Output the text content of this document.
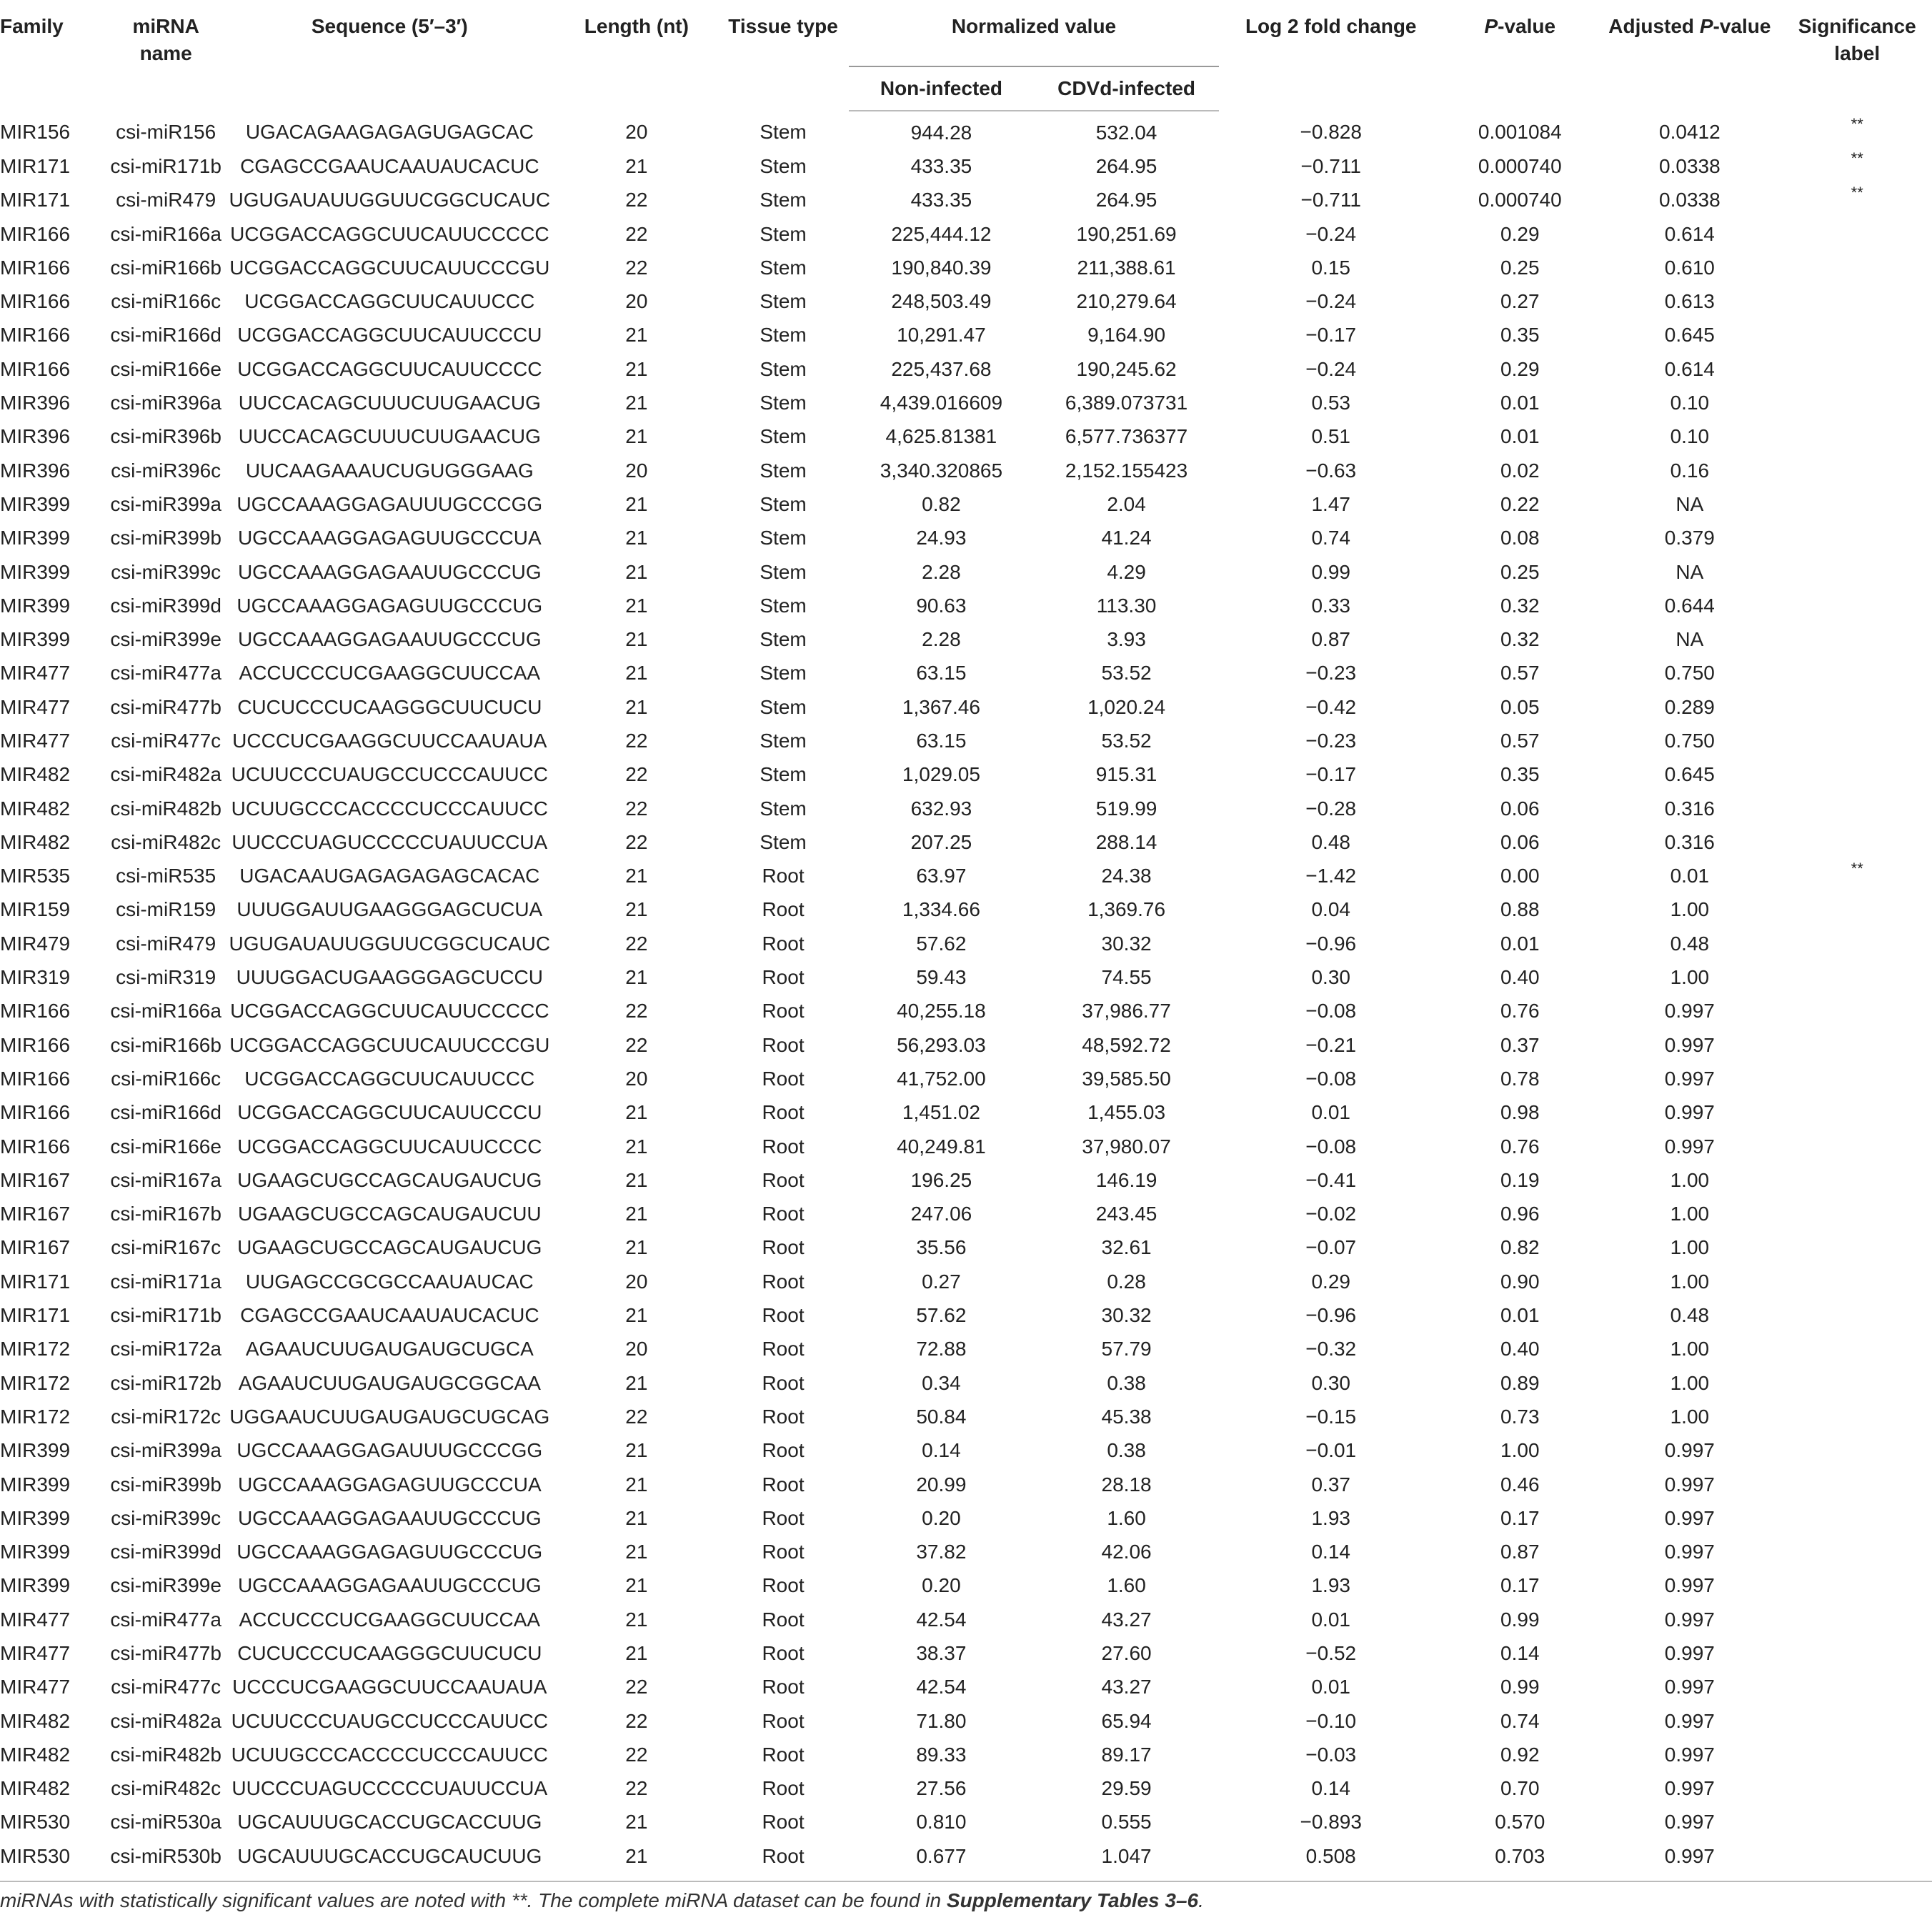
Family	miRNA name	Sequence (5′–3′)	Length (nt)	Tissue type	Normalized value		Log 2 fold change	P-value	Adjusted P-value	Significance label
					Non-infected	CDVd-infected				
MIR156	csi-miR156	UGACAGAAGAGAGUGAGCAC	20	Stem	944.28	532.04	−0.828	0.001084	0.0412	**
MIR171	csi-miR171b	CGAGCCGAAUCAAUAUCACUC	21	Stem	433.35	264.95	−0.711	0.000740	0.0338	**
MIR171	csi-miR479	UGUGAUAUUGGUUCGGCUCAUC	22	Stem	433.35	264.95	−0.711	0.000740	0.0338	**
MIR166	csi-miR166a	UCGGACCAGGCUUCAUUCCCCC	22	Stem	225,444.12	190,251.69	−0.24	0.29	0.614	
MIR166	csi-miR166b	UCGGACCAGGCUUCAUUCCCGU	22	Stem	190,840.39	211,388.61	0.15	0.25	0.610	
MIR166	csi-miR166c	UCGGACCAGGCUUCAUUCCC	20	Stem	248,503.49	210,279.64	−0.24	0.27	0.613	
MIR166	csi-miR166d	UCGGACCAGGCUUCAUUCCCU	21	Stem	10,291.47	9,164.90	−0.17	0.35	0.645	
MIR166	csi-miR166e	UCGGACCAGGCUUCAUUCCCC	21	Stem	225,437.68	190,245.62	−0.24	0.29	0.614	
MIR396	csi-miR396a	UUCCACAGCUUUCUUGAACUG	21	Stem	4,439.016609	6,389.073731	0.53	0.01	0.10	
MIR396	csi-miR396b	UUCCACAGCUUUCUUGAACUG	21	Stem	4,625.81381	6,577.736377	0.51	0.01	0.10	
MIR396	csi-miR396c	UUCAAGAAAUCUGUGGGAAG	20	Stem	3,340.320865	2,152.155423	−0.63	0.02	0.16	
MIR399	csi-miR399a	UGCCAAAGGAGAUUUGCCCGG	21	Stem	0.82	2.04	1.47	0.22	NA	
MIR399	csi-miR399b	UGCCAAAGGAGAGUUGCCCUA	21	Stem	24.93	41.24	0.74	0.08	0.379	
MIR399	csi-miR399c	UGCCAAAGGAGAAUUGCCCUG	21	Stem	2.28	4.29	0.99	0.25	NA	
MIR399	csi-miR399d	UGCCAAAGGAGAGUUGCCCUG	21	Stem	90.63	113.30	0.33	0.32	0.644	
MIR399	csi-miR399e	UGCCAAAGGAGAAUUGCCCUG	21	Stem	2.28	3.93	0.87	0.32	NA	
MIR477	csi-miR477a	ACCUCCCUCGAAGGCUUCCAA	21	Stem	63.15	53.52	−0.23	0.57	0.750	
MIR477	csi-miR477b	CUCUCCCUCAAGGGCUUCUCU	21	Stem	1,367.46	1,020.24	−0.42	0.05	0.289	
MIR477	csi-miR477c	UCCCUCGAAGGCUUCCAAUAUA	22	Stem	63.15	53.52	−0.23	0.57	0.750	
MIR482	csi-miR482a	UCUUCCCUAUGCCUCCCAUUCC	22	Stem	1,029.05	915.31	−0.17	0.35	0.645	
MIR482	csi-miR482b	UCUUGCCCACCCCUCCCAUUCC	22	Stem	632.93	519.99	−0.28	0.06	0.316	
MIR482	csi-miR482c	UUCCCUAGUCCCCCUAUUCCUA	22	Stem	207.25	288.14	0.48	0.06	0.316	
MIR535	csi-miR535	UGACAAUGAGAGAGAGCACAC	21	Root	63.97	24.38	−1.42	0.00	0.01	**
MIR159	csi-miR159	UUUGGAUUGAAGGGAGCUCUA	21	Root	1,334.66	1,369.76	0.04	0.88	1.00	
MIR479	csi-miR479	UGUGAUAUUGGUUCGGCUCAUC	22	Root	57.62	30.32	−0.96	0.01	0.48	
MIR319	csi-miR319	UUUGGACUGAAGGGAGCUCCU	21	Root	59.43	74.55	0.30	0.40	1.00	
MIR166	csi-miR166a	UCGGACCAGGCUUCAUUCCCCC	22	Root	40,255.18	37,986.77	−0.08	0.76	0.997	
MIR166	csi-miR166b	UCGGACCAGGCUUCAUUCCCGU	22	Root	56,293.03	48,592.72	−0.21	0.37	0.997	
MIR166	csi-miR166c	UCGGACCAGGCUUCAUUCCC	20	Root	41,752.00	39,585.50	−0.08	0.78	0.997	
MIR166	csi-miR166d	UCGGACCAGGCUUCAUUCCCU	21	Root	1,451.02	1,455.03	0.01	0.98	0.997	
MIR166	csi-miR166e	UCGGACCAGGCUUCAUUCCCC	21	Root	40,249.81	37,980.07	−0.08	0.76	0.997	
MIR167	csi-miR167a	UGAAGCUGCCAGCAUGAUCUG	21	Root	196.25	146.19	−0.41	0.19	1.00	
MIR167	csi-miR167b	UGAAGCUGCCAGCAUGAUCUU	21	Root	247.06	243.45	−0.02	0.96	1.00	
MIR167	csi-miR167c	UGAAGCUGCCAGCAUGAUCUG	21	Root	35.56	32.61	−0.07	0.82	1.00	
MIR171	csi-miR171a	UUGAGCCGCGCCAAUAUCAC	20	Root	0.27	0.28	0.29	0.90	1.00	
MIR171	csi-miR171b	CGAGCCGAAUCAAUAUCACUC	21	Root	57.62	30.32	−0.96	0.01	0.48	
MIR172	csi-miR172a	AGAAUCUUGAUGAUGCUGCA	20	Root	72.88	57.79	−0.32	0.40	1.00	
MIR172	csi-miR172b	AGAAUCUUGAUGAUGCGGCAA	21	Root	0.34	0.38	0.30	0.89	1.00	
MIR172	csi-miR172c	UGGAAUCUUGAUGAUGCUGCAG	22	Root	50.84	45.38	−0.15	0.73	1.00	
MIR399	csi-miR399a	UGCCAAAGGAGAUUUGCCCGG	21	Root	0.14	0.38	−0.01	1.00	0.997	
MIR399	csi-miR399b	UGCCAAAGGAGAGUUGCCCUA	21	Root	20.99	28.18	0.37	0.46	0.997	
MIR399	csi-miR399c	UGCCAAAGGAGAAUUGCCCUG	21	Root	0.20	1.60	1.93	0.17	0.997	
MIR399	csi-miR399d	UGCCAAAGGAGAGUUGCCCUG	21	Root	37.82	42.06	0.14	0.87	0.997	
MIR399	csi-miR399e	UGCCAAAGGAGAAUUGCCCUG	21	Root	0.20	1.60	1.93	0.17	0.997	
MIR477	csi-miR477a	ACCUCCCUCGAAGGCUUCCAA	21	Root	42.54	43.27	0.01	0.99	0.997	
MIR477	csi-miR477b	CUCUCCCUCAAGGGCUUCUCU	21	Root	38.37	27.60	−0.52	0.14	0.997	
MIR477	csi-miR477c	UCCCUCGAAGGCUUCCAAUAUA	22	Root	42.54	43.27	0.01	0.99	0.997	
MIR482	csi-miR482a	UCUUCCCUAUGCCUCCCAUUCC	22	Root	71.80	65.94	−0.10	0.74	0.997	
MIR482	csi-miR482b	UCUUGCCCACCCCUCCCAUUCC	22	Root	89.33	89.17	−0.03	0.92	0.997	
MIR482	csi-miR482c	UUCCCUAGUCCCCCUAUUCCUA	22	Root	27.56	29.59	0.14	0.70	0.997	
MIR530	csi-miR530a	UGCAUUUGCACCUGCACCUUG	21	Root	0.810	0.555	−0.893	0.570	0.997	
MIR530	csi-miR530b	UGCAUUUGCACCUGCAUCUUG	21	Root	0.677	1.047	0.508	0.703	0.997	
miRNAs with statistically significant values are noted with **. The complete miRNA dataset can be found in Supplementary Tables 3–6.
